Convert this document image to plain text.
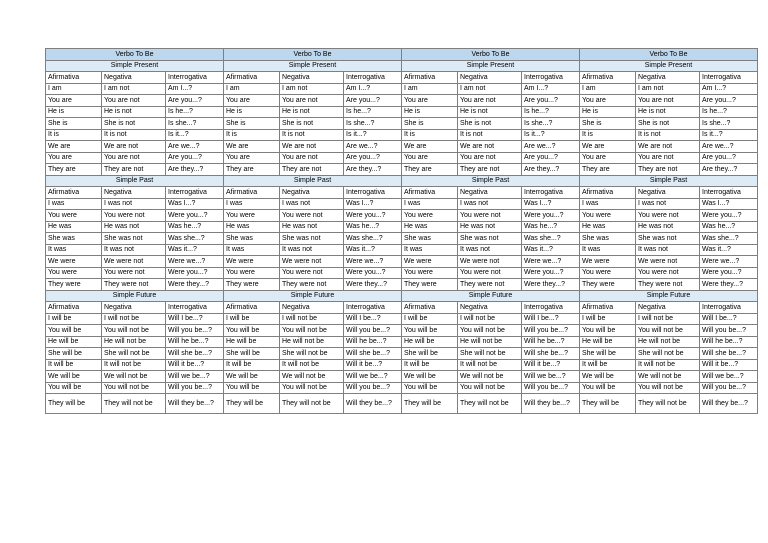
Verbo To Be			Verbo To Be			Verbo To Be			Verbo To Be		
Simple Present			Simple Present			Simple Present			Simple Present		
Afirmativa	Negativa	Interrogativa	Afirmativa	Negativa	Interrogativa	Afirmativa	Negativa	Interrogativa	Afirmativa	Negativa	Interrogativa
I am	I am not	Am I...?	I am	I am not	Am I...?	I am	I am not	Am I...?	I am	I am not	Am I...?
You are	You are not	Are you...?	You are	You are not	Are you...?	You are	You are not	Are you...?	You are	You are not	Are you...?
He is	He is not	Is he...?	He is	He is not	Is he...?	He is	He is not	Is he...?	He is	He is not	Is he...?
She is	She is not	Is she...?	She is	She is not	Is she...?	She is	She is not	Is she...?	She is	She is not	Is she...?
It is	It is not	Is it...?	It is	It is not	Is it...?	It is	It is not	Is it...?	It is	It is not	Is it...?
We are	We are not	Are we...?	We are	We are not	Are we...?	We are	We are not	Are we...?	We are	We are not	Are we...?
You are	You are not	Are you...?	You are	You are not	Are you...?	You are	You are not	Are you...?	You are	You are not	Are you...?
They are	They are not	Are they...?	They are	They are not	Are they...?	They are	They are not	Are they...?	They are	They are not	Are they...?
Simple Past			Simple Past			Simple Past			Simple Past		
Afirmativa	Negativa	Interrogativa	Afirmativa	Negativa	Interrogativa	Afirmativa	Negativa	Interrogativa	Afirmativa	Negativa	Interrogativa
I was	I was not	Was I...?	I was	I was not	Was I...?	I was	I was not	Was I...?	I was	I was not	Was I...?
You were	You were not	Were you...?	You were	You were not	Were you...?	You were	You were not	Were you...?	You were	You were not	Were you...?
He was	He was not	Was he...?	He was	He was not	Was he...?	He was	He was not	Was he...?	He was	He was not	Was he...?
She was	She was not	Was she...?	She was	She was not	Was she...?	She was	She was not	Was she...?	She was	She was not	Was she...?
It was	It was not	Was it...?	It was	It was not	Was it...?	It was	It was not	Was it...?	It was	It was not	Was it...?
We were	We were not	Were we...?	We were	We were not	Were we...?	We were	We were not	Were we...?	We were	We were not	Were we...?
You were	You were not	Were you...?	You were	You were not	Were you...?	You were	You were not	Were you...?	You were	You were not	Were you...?
They were	They were not	Were they...?	They were	They were not	Were they...?	They were	They were not	Were they...?	They were	They were not	Were they...?
Simple Future			Simple Future			Simple Future			Simple Future		
Afirmativa	Negativa	Interrogativa	Afirmativa	Negativa	Interrogativa	Afirmativa	Negativa	Interrogativa	Afirmativa	Negativa	Interrogativa
I will be	I will not be	Will I be...?	I will be	I will not be	Will I be...?	I will be	I will not be	Will I be...?	I will be	I will not be	Will I be...?
You will be	You will not be	Will you be...?	You will be	You will not be	Will you be...?	You will be	You will not be	Will you be...?	You will be	You will not be	Will you be...?
He will be	He will not be	Will he be...?	He will be	He will not be	Will he be...?	He will be	He will not be	Will he be...?	He will be	He will not be	Will he be...?
She will be	She will not be	Will she be...?	She will be	She will not be	Will she be...?	She will be	She will not be	Will she be...?	She will be	She will not be	Will she be...?
It will be	It will not be	Will it be...?	It will be	It will not be	Will it be...?	It will be	It will not be	Will it be...?	It will be	It will not be	Will it be...?
We will be	We will not be	Will we be...?	We will be	We will not be	Will we be...?	We will be	We will not be	Will we be...?	We will be	We will not be	Will we be...?
You will be	You will not be	Will you be...?	You will be	You will not be	Will you be...?	You will be	You will not be	Will you be...?	You will be	You will not be	Will you be...?
They will be	They will not be	Will they be...?	They will be	They will not be	Will they be...?	They will be	They will not be	Will they be...?	They will be	They will not be	Will they be...?
